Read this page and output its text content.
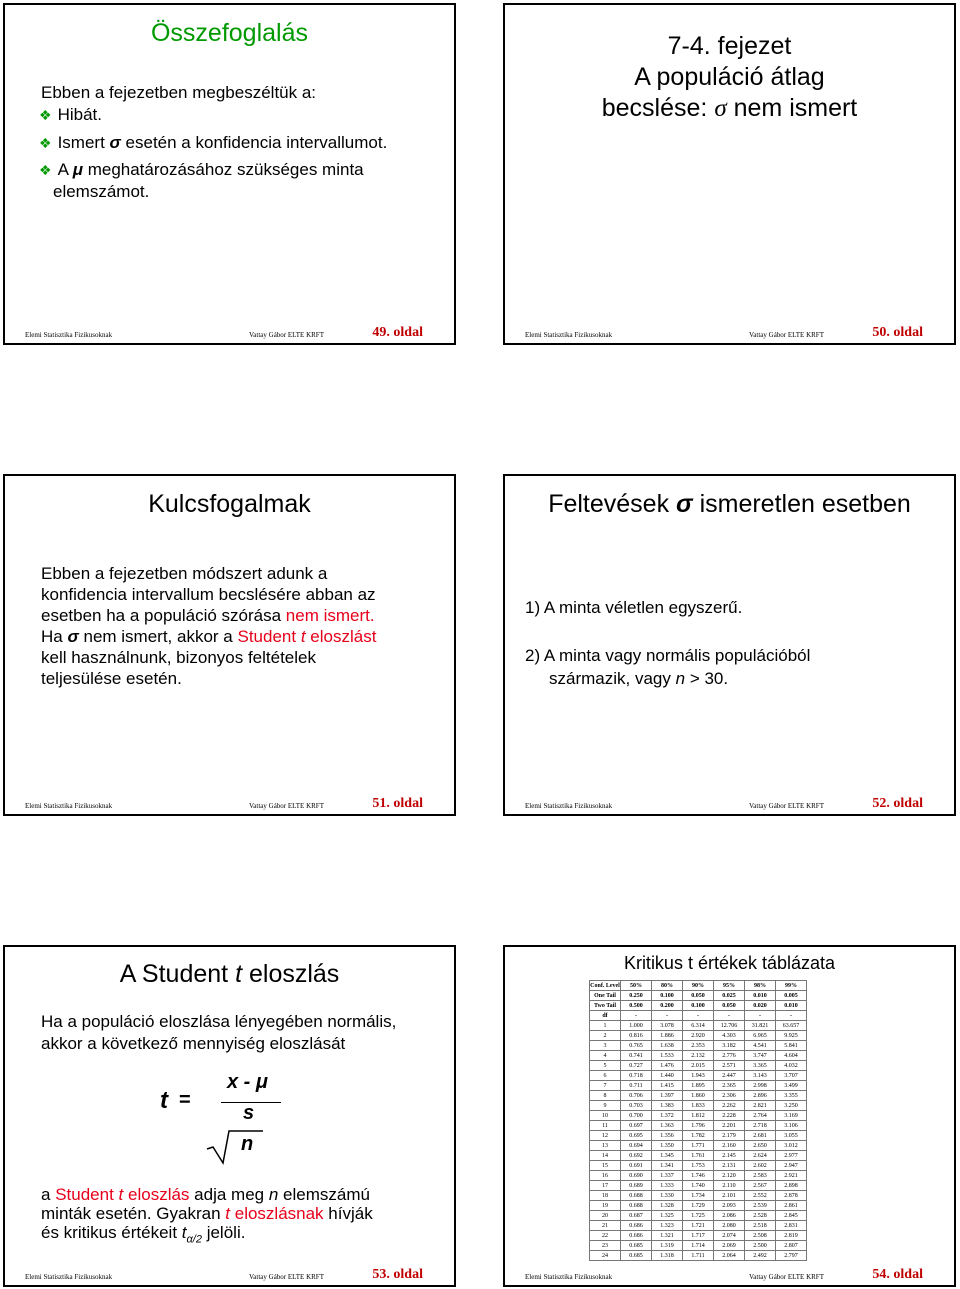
Összefoglalás
Ebben a fejezetben megbeszéltük a:
❖ Hibát.
❖ Ismert σ esetén a konfidencia intervallumot.
❖ A μ meghatározásához szükséges minta
elemszámot.
Elemi Statisztika Fizikusoknak	Vattay Gábor ELTE KRFT	49. oldal
7-4. fejezet
A populáció átlag
becslése: σ nem ismert
Elemi Statisztika Fizikusoknak	Vattay Gábor ELTE KRFT	50. oldal
Kulcsfogalmak
Ebben a fejezetben módszert adunk a
konfidencia intervallum becslésére abban az
esetben ha a populáció szórása nem ismert.
Ha σ nem ismert, akkor a Student t eloszlást
kell használnunk, bizonyos feltételek
teljesülése esetén.
Elemi Statisztika Fizikusoknak	Vattay Gábor ELTE KRFT	51. oldal
Feltevések σ ismeretlen esetben
1) A minta véletlen egyszerű.
2) A minta vagy normális populációból
származik, vagy n > 30.
Elemi Statisztika Fizikusoknak	Vattay Gábor ELTE KRFT	52. oldal
A Student t eloszlás
Ha a populáció eloszlása lényegében normális,
akkor a következő mennyiség eloszlását
t =
x - μ
s
n
a Student t eloszlás adja meg n elemszámú
minták esetén. Gyakran t eloszlásnak hívják
és kritikus értékeit $t_{\alpha/2}$ jelöli.
Elemi Statisztika Fizikusoknak	Vattay Gábor ELTE KRFT	53. oldal
Kritikus t értékek táblázata
Conf. Level	50%	80%	90%	95%	98%	99%
One Tail	0.250	0.100	0.050	0.025	0.010	0.005
Two Tail	0.500	0.200	0.100	0.050	0.020	0.010
df	-	-	-	-	-	-
1	1.000	3.078	6.314	12.706	31.821	63.657
2	0.816	1.886	2.920	4.303	6.965	9.925
3	0.765	1.638	2.353	3.182	4.541	5.841
4	0.741	1.533	2.132	2.776	3.747	4.604
5	0.727	1.476	2.015	2.571	3.365	4.032
6	0.718	1.440	1.943	2.447	3.143	3.707
7	0.711	1.415	1.895	2.365	2.998	3.499
8	0.706	1.397	1.860	2.306	2.896	3.355
9	0.703	1.383	1.833	2.262	2.821	3.250
10	0.700	1.372	1.812	2.228	2.764	3.169
11	0.697	1.363	1.796	2.201	2.718	3.106
12	0.695	1.356	1.782	2.179	2.681	3.055
13	0.694	1.350	1.771	2.160	2.650	3.012
14	0.692	1.345	1.761	2.145	2.624	2.977
15	0.691	1.341	1.753	2.131	2.602	2.947
16	0.690	1.337	1.746	2.120	2.583	2.921
17	0.689	1.333	1.740	2.110	2.567	2.898
18	0.688	1.330	1.734	2.101	2.552	2.878
19	0.688	1.328	1.729	2.093	2.539	2.861
20	0.687	1.325	1.725	2.086	2.528	2.845
21	0.686	1.323	1.721	2.080	2.518	2.831
22	0.686	1.321	1.717	2.074	2.508	2.819
23	0.685	1.319	1.714	2.069	2.500	2.807
24	0.685	1.318	1.711	2.064	2.492	2.797
Elemi Statisztika Fizikusoknak	Vattay Gábor ELTE KRFT	54. oldal
